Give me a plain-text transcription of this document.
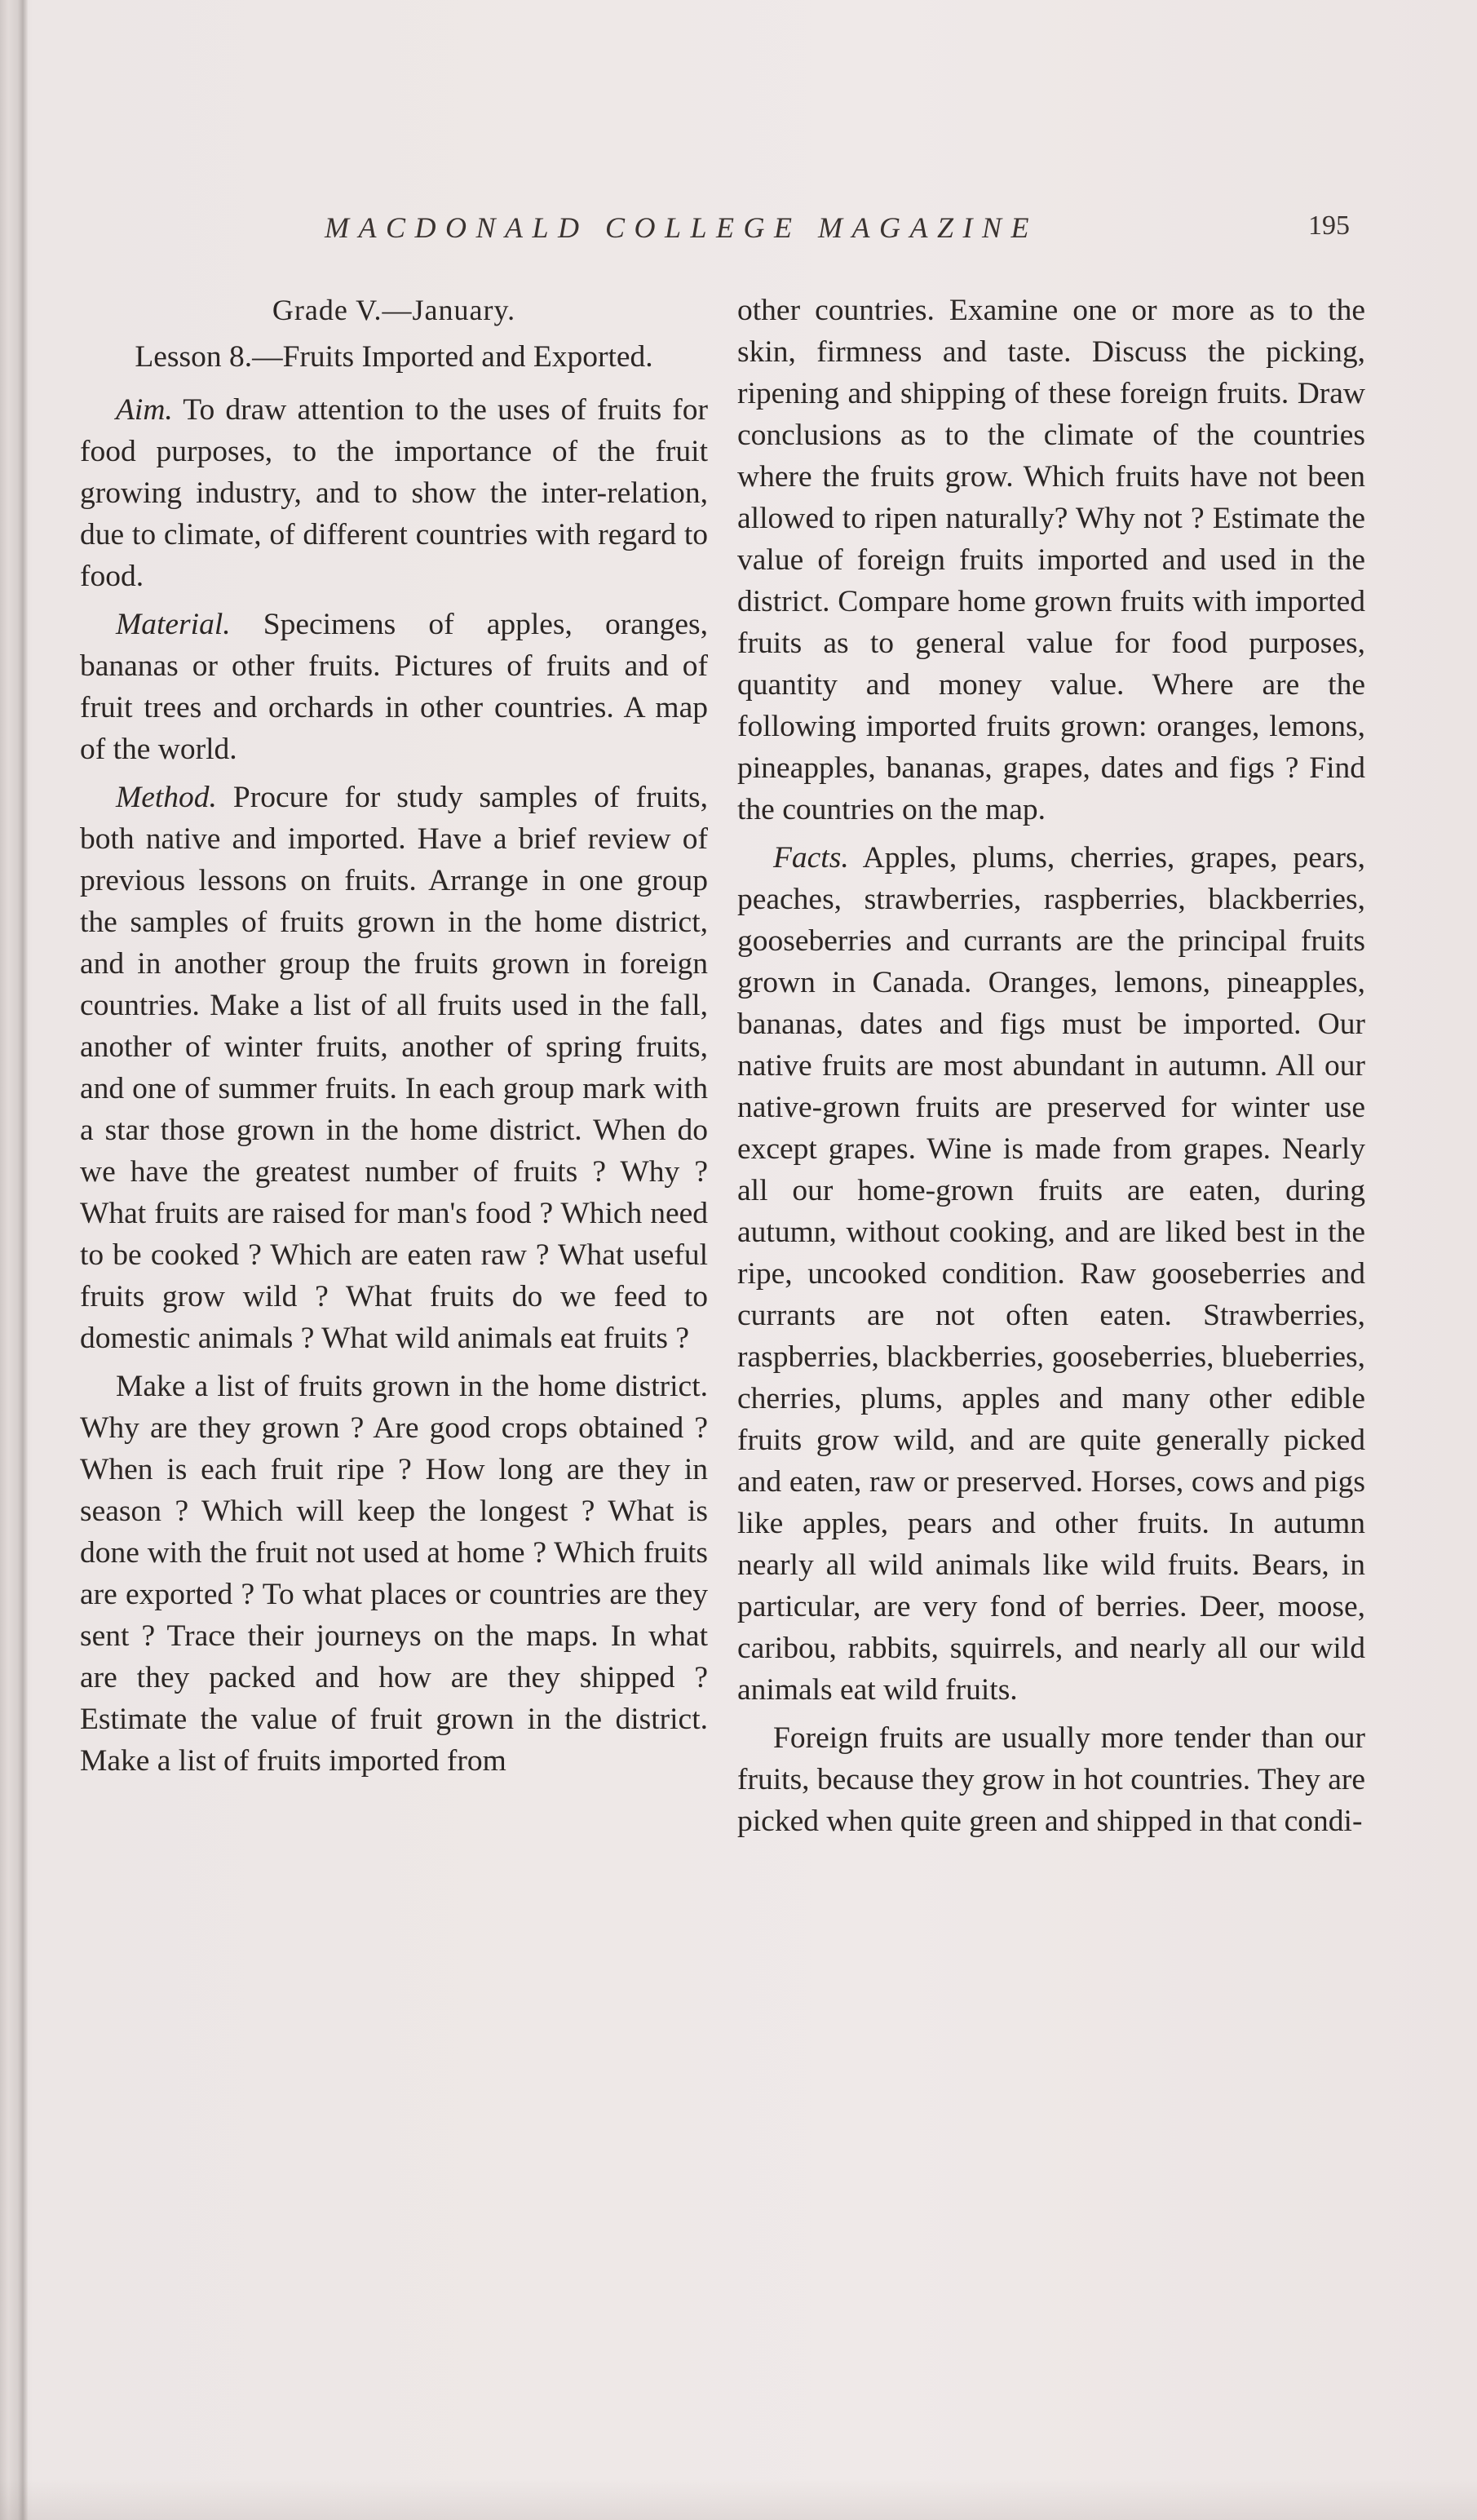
MACDONALD COLLEGE MAGAZINE	195
Grade V.—January.
Lesson 8.—Fruits Imported and Exported.

Aim. To draw attention to the uses of fruits for food purposes, to the importance of the fruit growing industry, and to show the inter-relation, due to climate, of different countries with regard to food.

Material. Specimens of apples, oranges, bananas or other fruits. Pictures of fruits and of fruit trees and orchards in other countries. A map of the world.

Method. Procure for study samples of fruits, both native and imported. Have a brief review of previous lessons on fruits. Arrange in one group the samples of fruits grown in the home district, and in another group the fruits grown in foreign countries. Make a list of all fruits used in the fall, another of winter fruits, another of spring fruits, and one of summer fruits. In each group mark with a star those grown in the home district. When do we have the greatest number of fruits ? Why ? What fruits are raised for man's food ? Which need to be cooked ? Which are eaten raw ? What useful fruits grow wild ? What fruits do we feed to domestic animals ? What wild animals eat fruits ?

Make a list of fruits grown in the home district. Why are they grown ? Are good crops obtained ? When is each fruit ripe ? How long are they in season ? Which will keep the longest ? What is done with the fruit not used at home ? Which fruits are exported ? To what places or countries are they sent ? Trace their journeys on the maps. In what are they packed and how are they shipped ? Estimate the value of fruit grown in the district. Make a list of fruits imported from

other countries. Examine one or more as to the skin, firmness and taste. Discuss the picking, ripening and shipping of these foreign fruits. Draw conclusions as to the climate of the countries where the fruits grow. Which fruits have not been allowed to ripen naturally? Why not ? Estimate the value of foreign fruits imported and used in the district. Compare home grown fruits with imported fruits as to general value for food purposes, quantity and money value. Where are the following imported fruits grown: oranges, lemons, pineapples, bananas, grapes, dates and figs ? Find the countries on the map.

Facts. Apples, plums, cherries, grapes, pears, peaches, strawberries, raspberries, blackberries, gooseberries and currants are the principal fruits grown in Canada. Oranges, lemons, pineapples, bananas, dates and figs must be imported. Our native fruits are most abundant in autumn. All our native-grown fruits are preserved for winter use except grapes. Wine is made from grapes. Nearly all our home-grown fruits are eaten, during autumn, without cooking, and are liked best in the ripe, uncooked condition. Raw gooseberries and currants are not often eaten. Strawberries, raspberries, blackberries, gooseberries, blueberries, cherries, plums, apples and many other edible fruits grow wild, and are quite generally picked and eaten, raw or preserved. Horses, cows and pigs like apples, pears and other fruits. In autumn nearly all wild animals like wild fruits. Bears, in particular, are very fond of berries. Deer, moose, caribou, rabbits, squirrels, and nearly all our wild animals eat wild fruits.

Foreign fruits are usually more tender than our fruits, because they grow in hot countries. They are picked when quite green and shipped in that condi-
